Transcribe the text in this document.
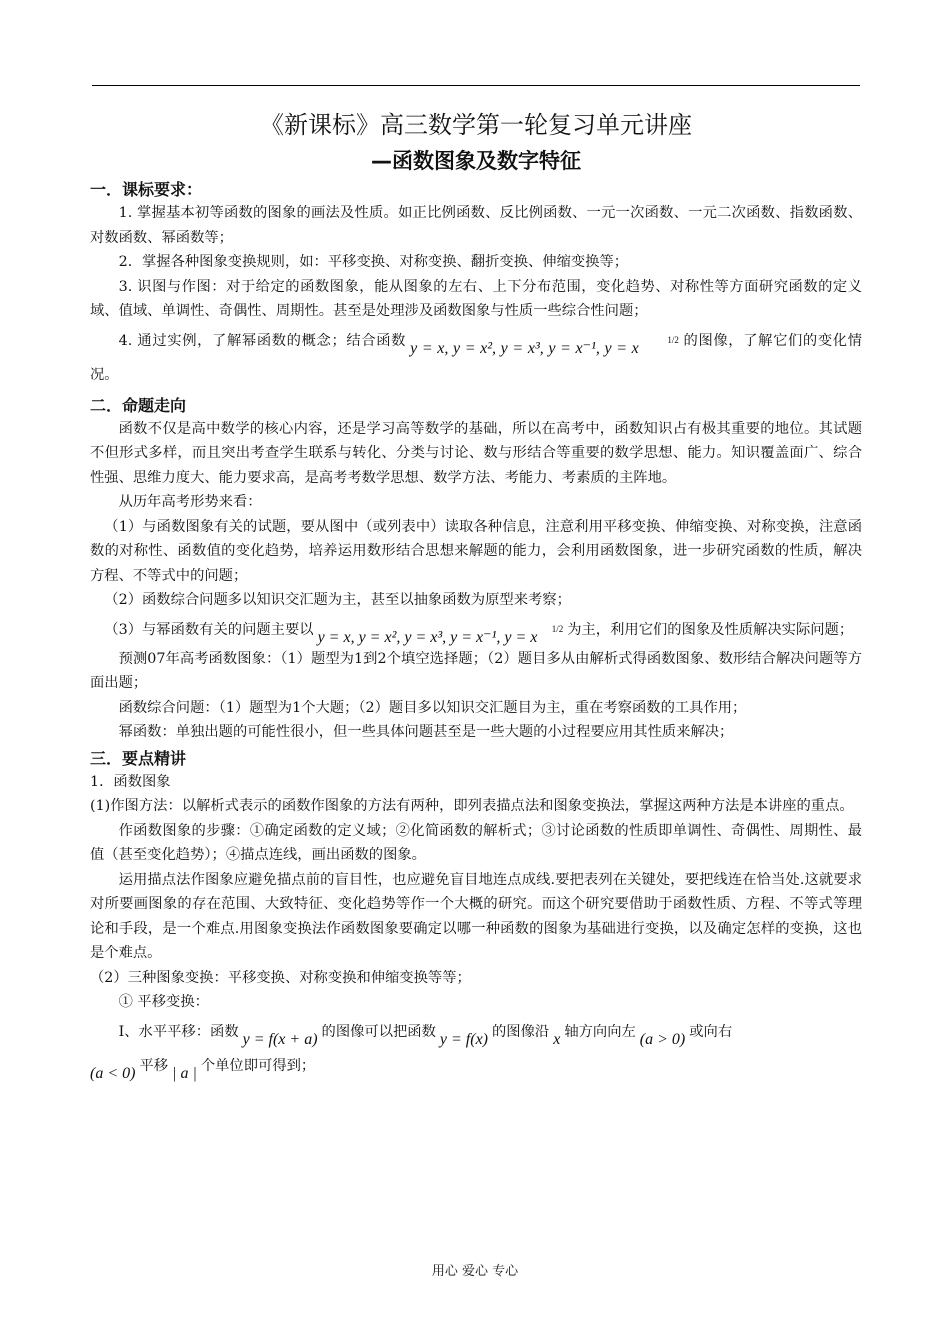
《新课标》高三数学第一轮复习单元讲座
—函数图象及数字特征
一．课标要求：

1. 掌握基本初等函数的图象的画法及性质。如正比例函数、反比例函数、一元一次函数、一元二次函数、指数函数、对数函数、幂函数等；

2．掌握各种图象变换规则，如：平移变换、对称变换、翻折变换、伸缩变换等；

3. 识图与作图：对于给定的函数图象，能从图象的左右、上下分布范围，变化趋势、对称性等方面研究函数的定义域、值域、单调性、奇偶性、周期性。甚至是处理涉及函数图象与性质一些综合性问题；

4. 通过实例，了解幂函数的概念；结合函数 y = x, y = x², y = x³, y = x⁻¹, y = x	1/2 的图像，了解它们的变化情况。

二．命题走向

函数不仅是高中数学的核心内容，还是学习高等数学的基础，所以在高考中，函数知识占有极其重要的地位。其试题不但形式多样，而且突出考查学生联系与转化、分类与讨论、数与形结合等重要的数学思想、能力。知识覆盖面广、综合性强、思维力度大、能力要求高，是高考考数学思想、数学方法、考能力、考素质的主阵地。

从历年高考形势来看：

（1）与函数图象有关的试题，要从图中（或列表中）读取各种信息，注意利用平移变换、伸缩变换、对称变换，注意函数的对称性、函数值的变化趋势，培养运用数形结合思想来解题的能力，会利用函数图象，进一步研究函数的性质，解决方程、不等式中的问题；

（2）函数综合问题多以知识交汇题为主，甚至以抽象函数为原型来考察；

（3）与幂函数有关的问题主要以 y = x, y = x², y = x³, y = x⁻¹, y = x 1/2 为主，利用它们的图象及性质解决实际问题；

预测07年高考函数图象：（1）题型为1到2个填空选择题；（2）题目多从由解析式得函数图象、数形结合解决问题等方面出题；

函数综合问题：（1）题型为1个大题；（2）题目多以知识交汇题目为主，重在考察函数的工具作用；

幂函数：单独出题的可能性很小，但一些具体问题甚至是一些大题的小过程要应用其性质来解决；

三．要点精讲

1．函数图象

(1)作图方法：以解析式表示的函数作图象的方法有两种，即列表描点法和图象变换法，掌握这两种方法是本讲座的重点。

作函数图象的步骤：①确定函数的定义域；②化简函数的解析式；③讨论函数的性质即单调性、奇偶性、周期性、最值（甚至变化趋势）；④描点连线，画出函数的图象。

运用描点法作图象应避免描点前的盲目性，也应避免盲目地连点成线.要把表列在关键处，要把线连在恰当处.这就要求对所要画图象的存在范围、大致特征、变化趋势等作一个大概的研究。而这个研究要借助于函数性质、方程、不等式等理论和手段，是一个难点.用图象变换法作函数图象要确定以哪一种函数的图象为基础进行变换，以及确定怎样的变换，这也是个难点。

（2）三种图象变换：平移变换、对称变换和伸缩变换等等；

① 平移变换：

Ⅰ、水平平移：函数 y = f(x + a) 的图像可以把函数 y = f(x) 的图像沿 x 轴方向向左 (a > 0) 或向右

(a < 0) 平移 | a | 个单位即可得到；

用心 爱心 专心
